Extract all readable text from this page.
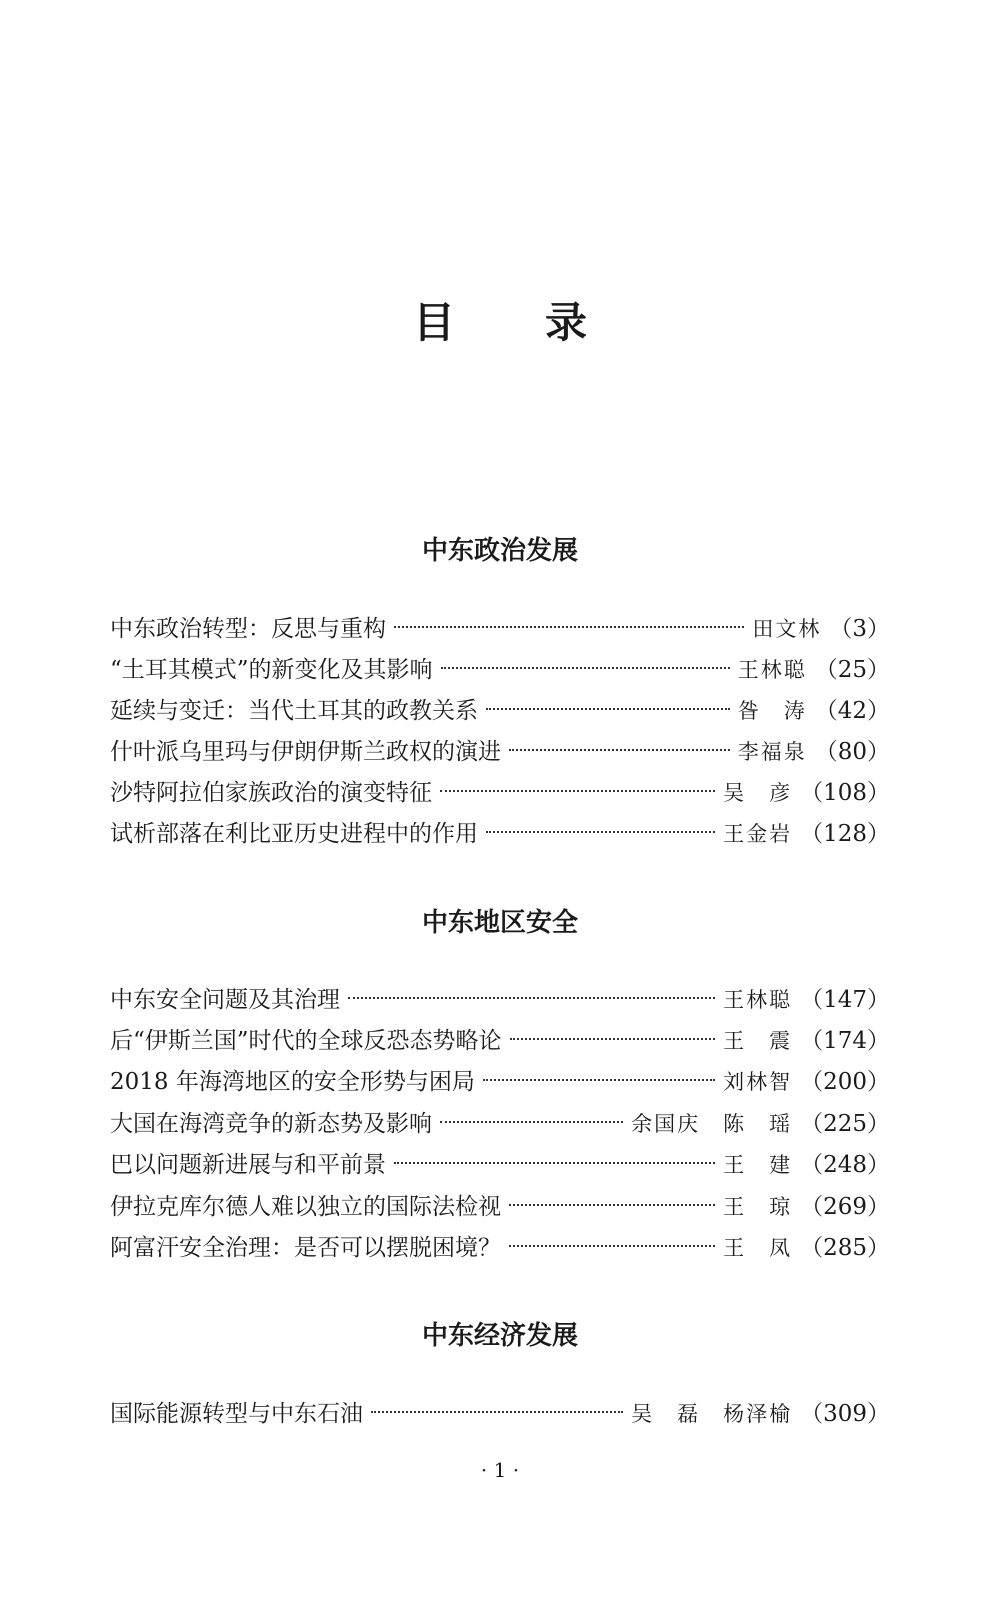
目 录
中东政治发展
中东政治转型：反思与重构	田文林 （3）
“土耳其模式”的新变化及其影响	王林聪 （25）
延续与变迁：当代土耳其的政教关系	昝　涛 （42）
什叶派乌里玛与伊朗伊斯兰政权的演进	李福泉 （80）
沙特阿拉伯家族政治的演变特征	吴　彦 （108）
试析部落在利比亚历史进程中的作用	王金岩 （128）
中东地区安全
中东安全问题及其治理	王林聪 （147）
后“伊斯兰国”时代的全球反恐态势略论	王　震 （174）
2018 年海湾地区的安全形势与困局	刘林智 （200）
大国在海湾竞争的新态势及影响	余国庆　陈　瑶 （225）
巴以问题新进展与和平前景	王　建 （248）
伊拉克库尔德人难以独立的国际法检视	王　琼 （269）
阿富汗安全治理：是否可以摆脱困境？	王　凤 （285）
中东经济发展
国际能源转型与中东石油	吴　磊　杨泽榆 （309）
· 1 ·
